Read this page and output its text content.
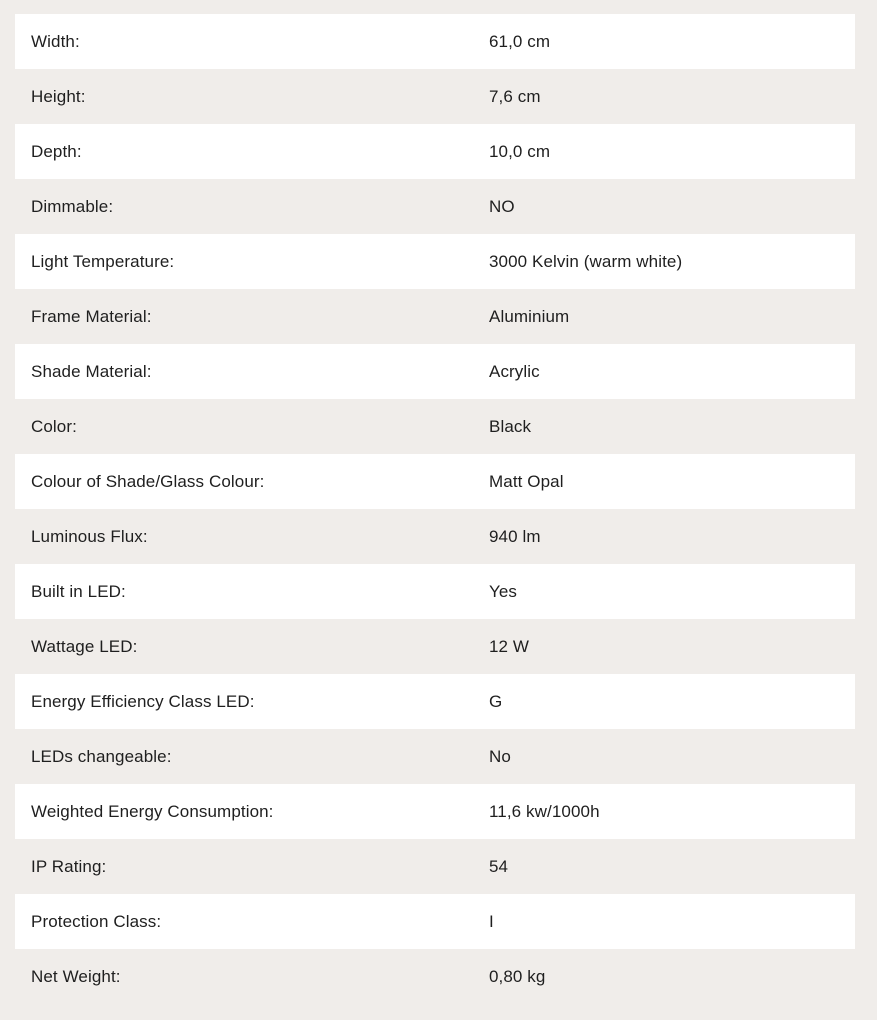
Width:	61,0 cm
Height:	7,6 cm
Depth:	10,0 cm
Dimmable:	NO
Light Temperature:	3000 Kelvin (warm white)
Frame Material:	Aluminium
Shade Material:	Acrylic
Color:	Black
Colour of Shade/Glass Colour:	Matt Opal
Luminous Flux:	940 lm
Built in LED:	Yes
Wattage LED:	12 W
Energy Efficiency Class LED:	G
LEDs changeable:	No
Weighted Energy Consumption:	11,6 kw/1000h
IP Rating:	54
Protection Class:	I
Net Weight:	0,80 kg
